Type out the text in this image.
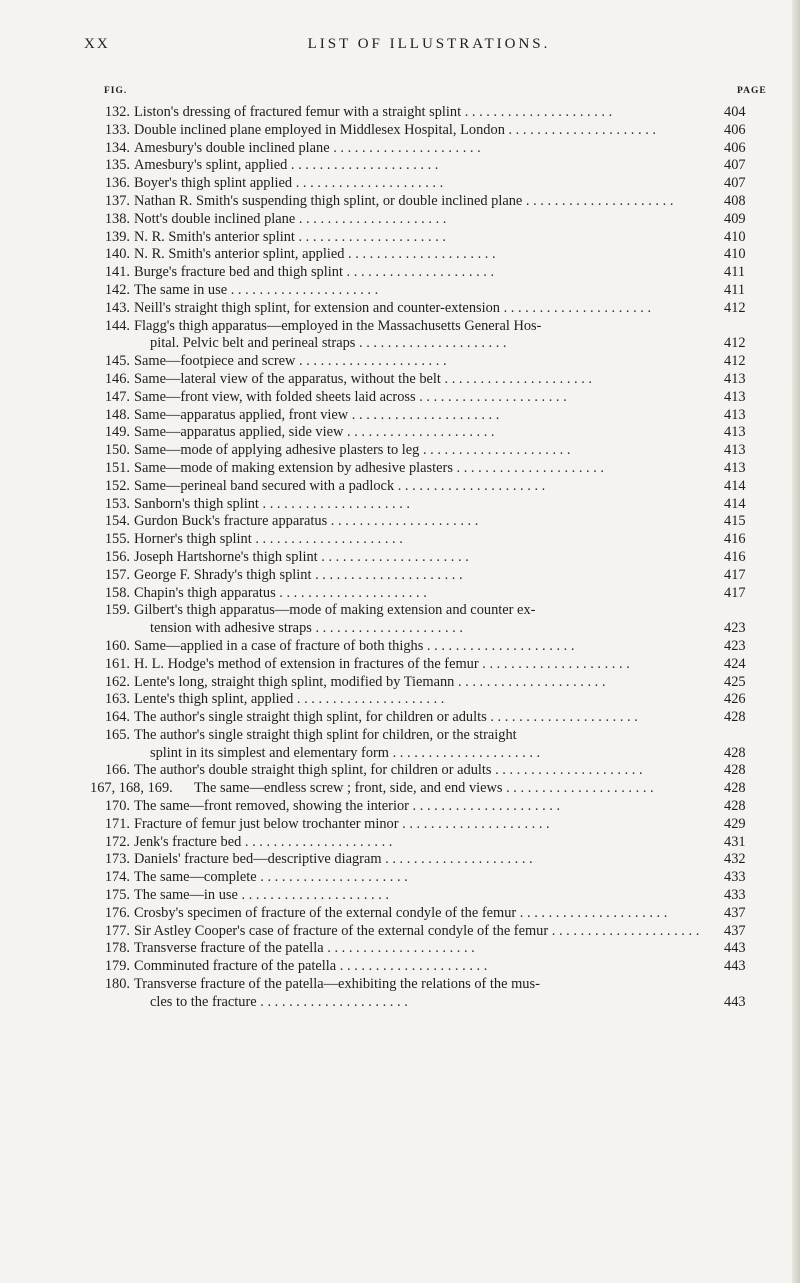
XX	LIST OF ILLUSTRATIONS.
FIG.	PAGE
132. Liston's dressing of fractured femur with a straight splint . . . . . . . . . . . . . . . . . . . . .	404
133. Double inclined plane employed in Middlesex Hospital, London . . . . . . . . . . . . . . . . . . . . .	406
134. Amesbury's double inclined plane . . . . . . . . . . . . . . . . . . . . .	406
135. Amesbury's splint, applied . . . . . . . . . . . . . . . . . . . . .	407
136. Boyer's thigh splint applied . . . . . . . . . . . . . . . . . . . . .	407
137. Nathan R. Smith's suspending thigh splint, or double inclined plane . . . . . . . . . . . . . . . . . . . . .	408
138. Nott's double inclined plane . . . . . . . . . . . . . . . . . . . . .	409
139. N. R. Smith's anterior splint . . . . . . . . . . . . . . . . . . . . .	410
140. N. R. Smith's anterior splint, applied . . . . . . . . . . . . . . . . . . . . .	410
141. Burge's fracture bed and thigh splint . . . . . . . . . . . . . . . . . . . . .	411
142. The same in use . . . . . . . . . . . . . . . . . . . . .	411
143. Neill's straight thigh splint, for extension and counter-extension . . . . . . . . . . . . . . . . . . . . .	412
144. Flagg's thigh apparatus—employed in the Massachusetts General Hos-
pital. Pelvic belt and perineal straps . . . . . . . . . . . . . . . . . . . . .	412
145. Same—footpiece and screw . . . . . . . . . . . . . . . . . . . . .	412
146. Same—lateral view of the apparatus, without the belt . . . . . . . . . . . . . . . . . . . . .	413
147. Same—front view, with folded sheets laid across . . . . . . . . . . . . . . . . . . . . .	413
148. Same—apparatus applied, front view . . . . . . . . . . . . . . . . . . . . .	413
149. Same—apparatus applied, side view . . . . . . . . . . . . . . . . . . . . .	413
150. Same—mode of applying adhesive plasters to leg . . . . . . . . . . . . . . . . . . . . .	413
151. Same—mode of making extension by adhesive plasters . . . . . . . . . . . . . . . . . . . . .	413
152. Same—perineal band secured with a padlock . . . . . . . . . . . . . . . . . . . . .	414
153. Sanborn's thigh splint . . . . . . . . . . . . . . . . . . . . .	414
154. Gurdon Buck's fracture apparatus . . . . . . . . . . . . . . . . . . . . .	415
155. Horner's thigh splint . . . . . . . . . . . . . . . . . . . . .	416
156. Joseph Hartshorne's thigh splint . . . . . . . . . . . . . . . . . . . . .	416
157. George F. Shrady's thigh splint . . . . . . . . . . . . . . . . . . . . .	417
158. Chapin's thigh apparatus . . . . . . . . . . . . . . . . . . . . .	417
159. Gilbert's thigh apparatus—mode of making extension and counter ex-
tension with adhesive straps . . . . . . . . . . . . . . . . . . . . .	423
160. Same—applied in a case of fracture of both thighs . . . . . . . . . . . . . . . . . . . . .	423
161. H. L. Hodge's method of extension in fractures of the femur . . . . . . . . . . . . . . . . . . . . .	424
162. Lente's long, straight thigh splint, modified by Tiemann . . . . . . . . . . . . . . . . . . . . .	425
163. Lente's thigh splint, applied . . . . . . . . . . . . . . . . . . . . .	426
164. The author's single straight thigh splint, for children or adults . . . . . . . . . . . . . . . . . . . . .	428
165. The author's single straight thigh splint for children, or the straight
splint in its simplest and elementary form . . . . . . . . . . . . . . . . . . . . .	428
166. The author's double straight thigh splint, for children or adults . . . . . . . . . . . . . . . . . . . . .	428
167, 168, 169. The same—endless screw ; front, side, and end views . . . . . . . . . . . . . . . . . . . . .	428
170. The same—front removed, showing the interior . . . . . . . . . . . . . . . . . . . . .	428
171. Fracture of femur just below trochanter minor . . . . . . . . . . . . . . . . . . . . .	429
172. Jenk's fracture bed . . . . . . . . . . . . . . . . . . . . .	431
173. Daniels' fracture bed—descriptive diagram . . . . . . . . . . . . . . . . . . . . .	432
174. The same—complete . . . . . . . . . . . . . . . . . . . . .	433
175. The same—in use . . . . . . . . . . . . . . . . . . . . .	433
176. Crosby's specimen of fracture of the external condyle of the femur . . . . . . . . . . . . . . . . . . . . .	437
177. Sir Astley Cooper's case of fracture of the external condyle of the femur . . . . . . . . . . . . . . . . . . . . .	437
178. Transverse fracture of the patella . . . . . . . . . . . . . . . . . . . . .	443
179. Comminuted fracture of the patella . . . . . . . . . . . . . . . . . . . . .	443
180. Transverse fracture of the patella—exhibiting the relations of the mus-
cles to the fracture . . . . . . . . . . . . . . . . . . . . .	443
